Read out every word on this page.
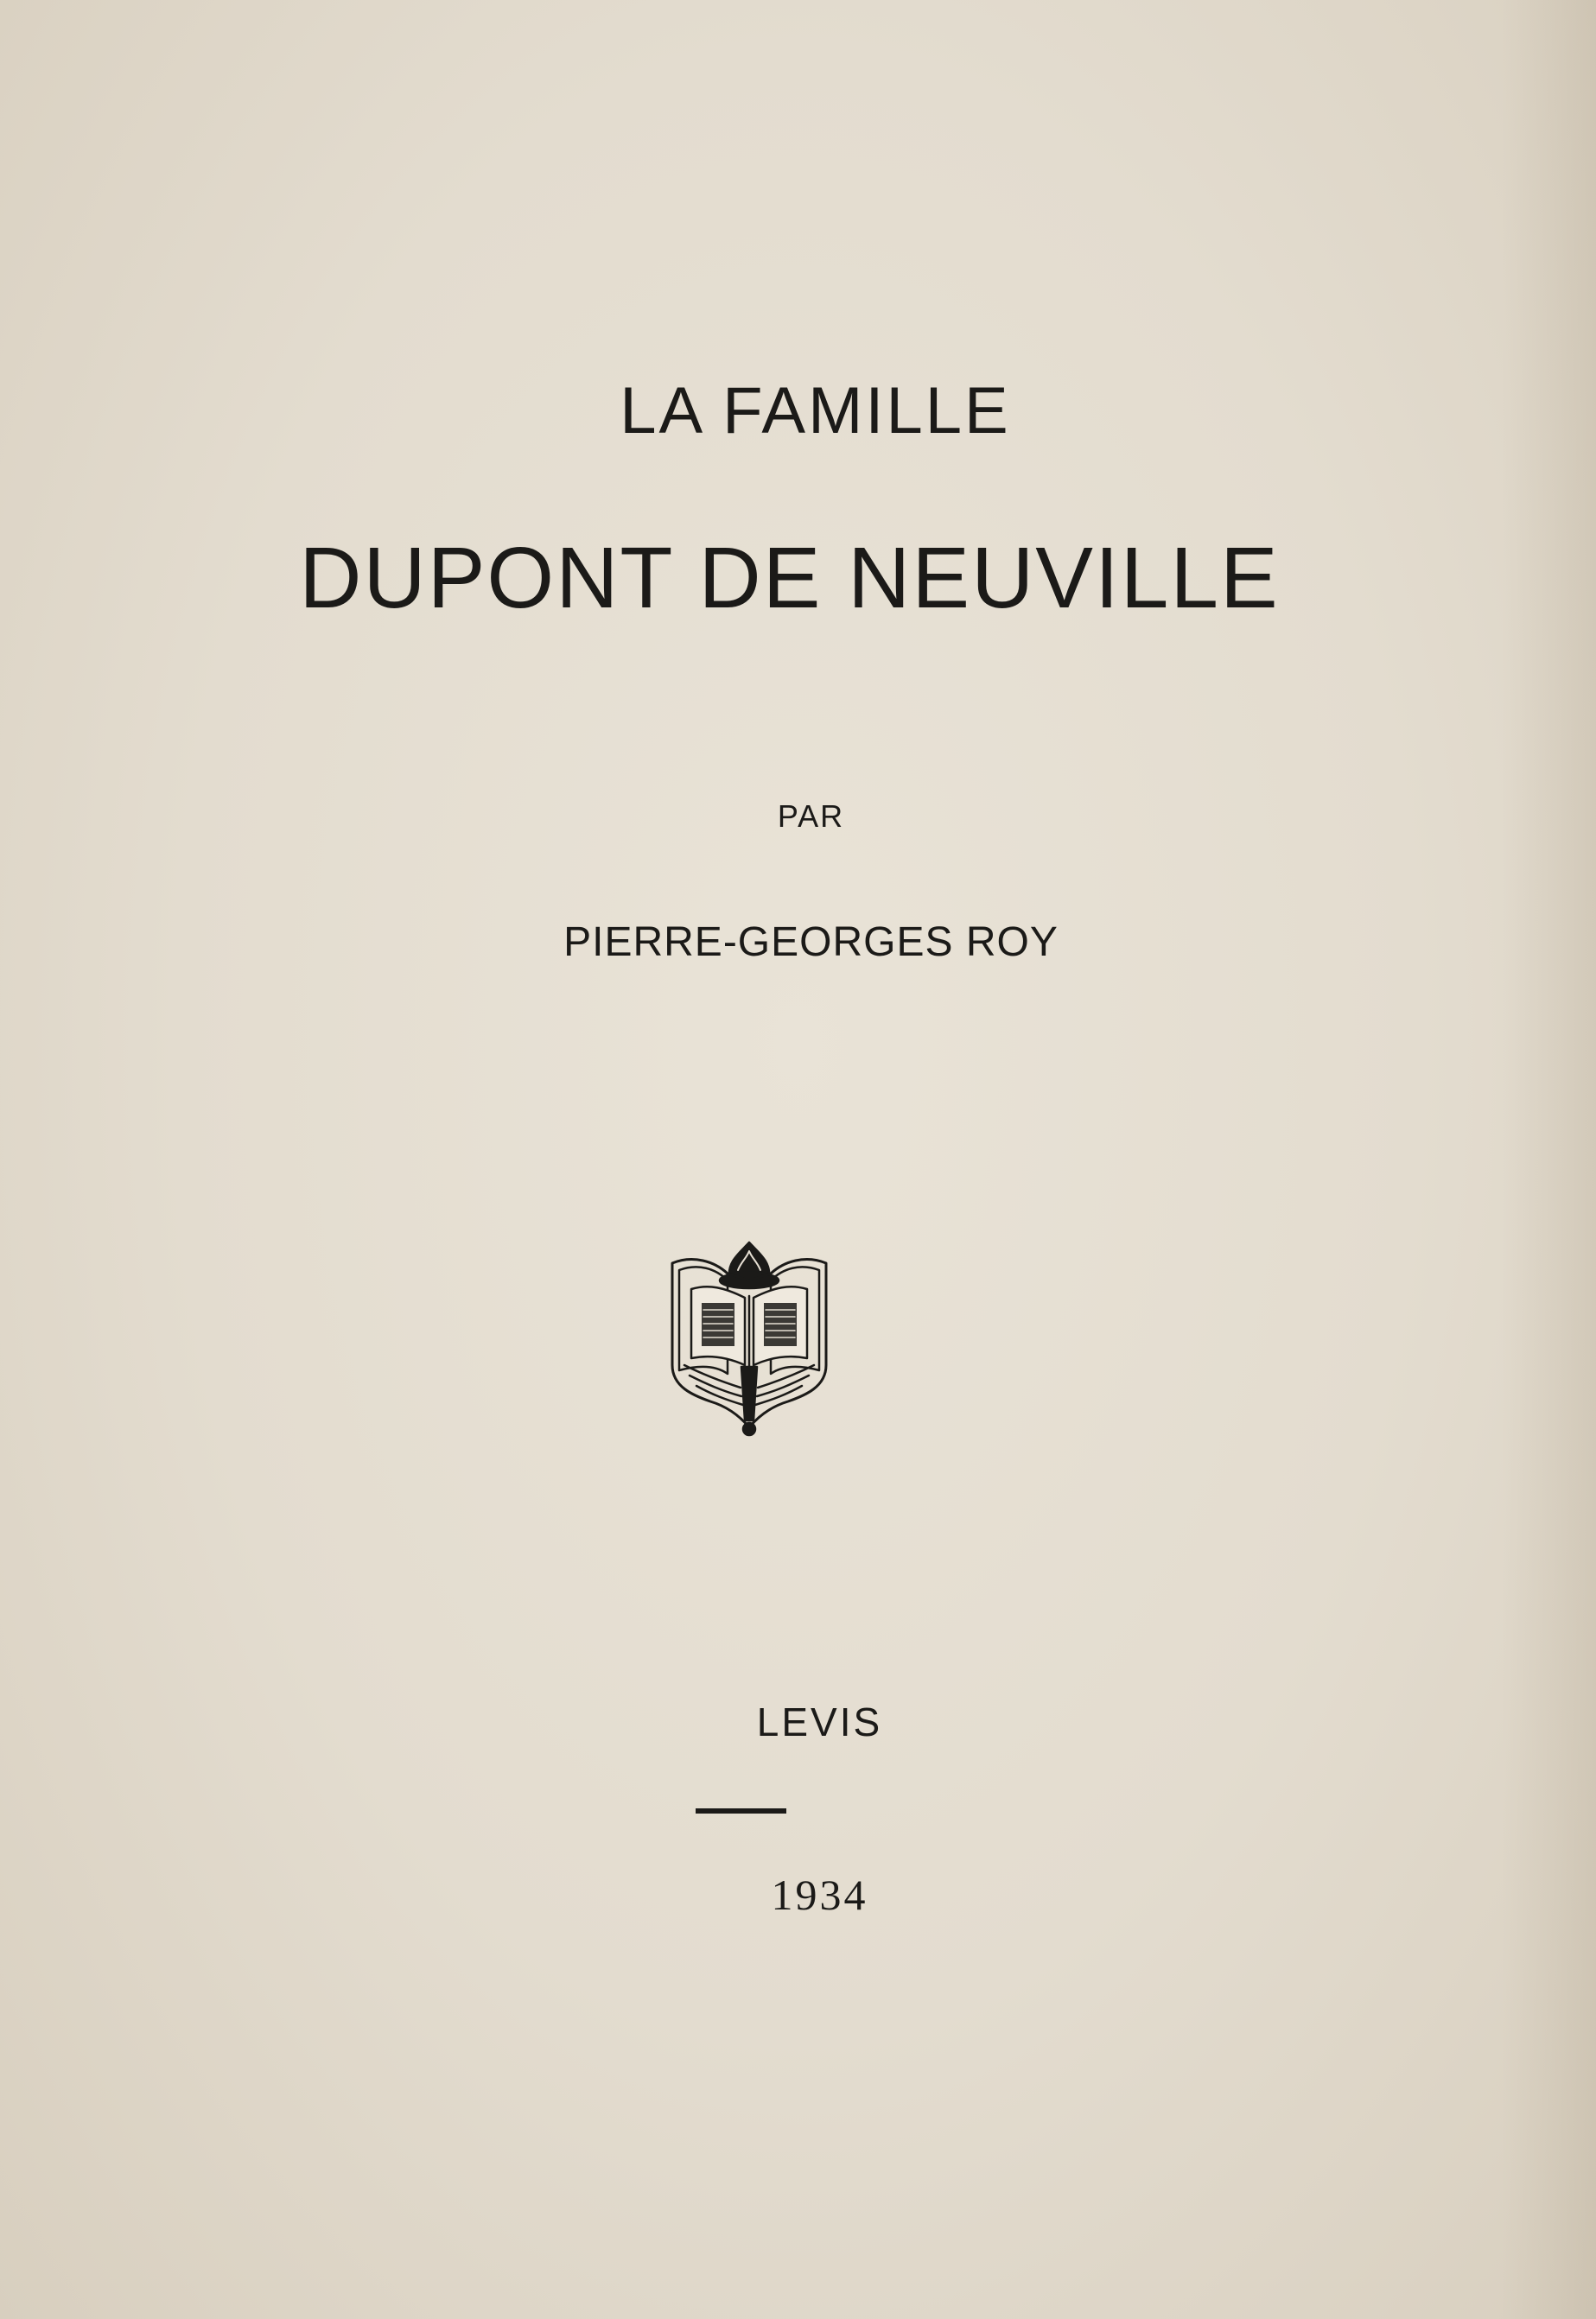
LA FAMILLE
DUPONT DE NEUVILLE
PAR
PIERRE-GEORGES ROY
LEVIS
1934
